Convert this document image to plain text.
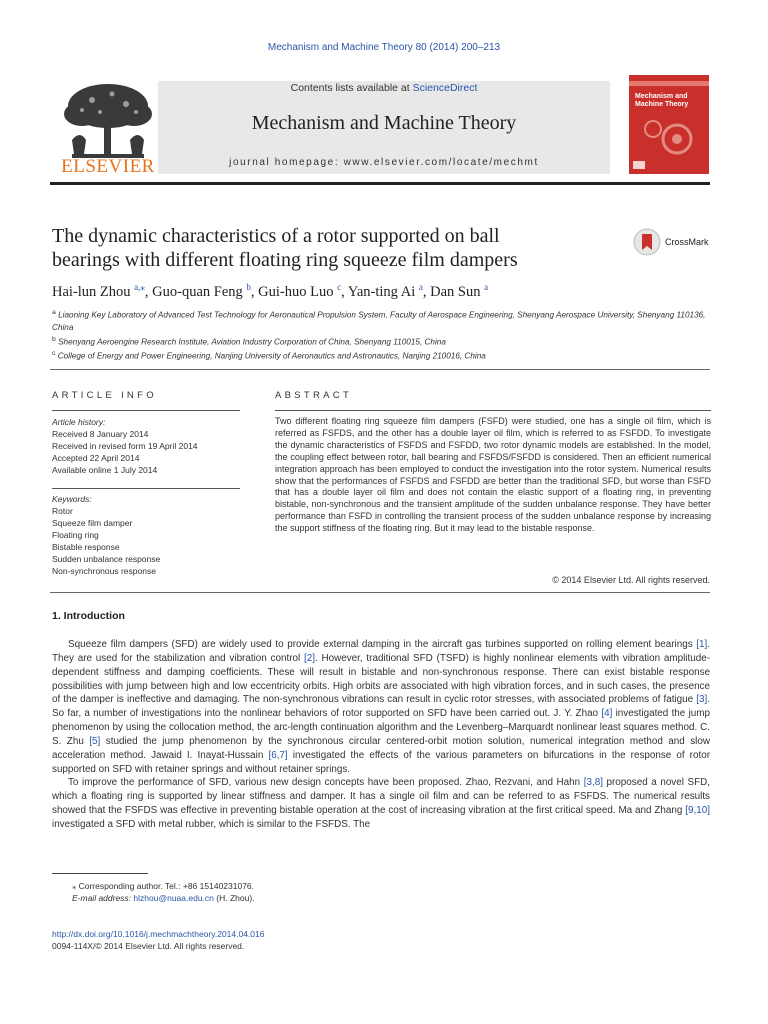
Mechanism and Machine Theory 80 (2014) 200–213
ELSEVIER
Contents lists available at ScienceDirect
Mechanism and Machine Theory
journal homepage: www.elsevier.com/locate/mechmt
Mechanism and Machine Theory
The dynamic characteristics of a rotor supported on ball
bearings with different floating ring squeeze film dampers
CrossMark
Hai-lun Zhou $^{a,⁎}$, Guo-quan Feng $^b$, Gui-huo Luo $^c$, Yan-ting Ai $^a$, Dan Sun $^a$
$^a$ Liaoning Key Laboratory of Advanced Test Technology for Aeronautical Propulsion System, Faculty of Aerospace Engineering, Shenyang Aerospace University, Shenyang 110136, China
$^b$ Shenyang Aeroengine Research Institute, Aviation Industry Corporation of China, Shenyang 110015, China
$^c$ College of Energy and Power Engineering, Nanjing University of Aeronautics and Astronautics, Nanjing 210016, China
ARTICLE INFO	ABSTRACT
Article history:
Received 8 January 2014
Received in revised form 19 April 2014
Accepted 22 April 2014
Available online 1 July 2014
Keywords:
Rotor
Squeeze film damper
Floating ring
Bistable response
Sudden unbalance response
Non-synchronous response
Two different floating ring squeeze film dampers (FSFD) were studied, one has a single oil film, which is referred as FSFDS, and the other has a double layer oil film, which is referred to as FSFDD. To investigate the dynamic characteristics of FSFDS and FSFDD, two rotor dynamic models are established. In the model, the coupling effect between rotor, ball bearing and FSFDS/FSFDD is considered. Then an efficient numerical integration approach has been employed to conduct the investigation into the rotor system. Numerical results show that the performances of FSFDS and FSFDD are better than the traditional SFD, but worse than FSFD that has a double layer oil film and does not contain the elastic support of a floating ring, in preventing bistable, non-synchronous and the transient amplitude of the sudden unbalance response. They have better performance than FSFD in controlling the transient process of the sudden unbalance response by increasing the support stiffness of the floating ring. But it may lead to the bistable response.
© 2014 Elsevier Ltd. All rights reserved.
1. Introduction

Squeeze film dampers (SFD) are widely used to provide external damping in the aircraft gas turbines supported on rolling element bearings [1]. They are used for the stabilization and vibration control [2]. However, traditional SFD (TSFD) is highly nonlinear elements with vibration amplitude-dependent stiffness and damping coefficients. These will result in bistable and non-synchronous response. There can exist bistable response possibilities with jump between high and low eccentricity orbits. High orbits are associated with high vibration forces, and in such cases, the presence of the damper is ineffective and damaging. The non-synchronous vibrations can result in cyclic rotor stresses, with associated problems of fatigue [3]. So far, a number of investigations into the nonlinear behaviors of rotor supported on SFD have been carried out. J. Y. Zhao [4] investigated the jump phenomenon by using the collocation method, the arc-length continuation algorithm and the Levenberg–Marquardt nonlinear least squares method. C. S. Zhu [5] studied the jump phenomenon by the synchronous circular centered-orbit motion solution, numerical integration method and slow acceleration method. Jawaid I. Inayat-Hussain [6,7] investigated the effects of the various parameters on bifurcations in the response of rotor supported on SFD with retainer springs and without retainer springs.

To improve the performance of SFD, various new design concepts have been proposed. Zhao, Rezvani, and Hahn [3,8] proposed a novel SFD, which a floating ring is supported by linear stiffness and damper. It has a single oil film and can be referred to as FSFDS. The numerical results showed that the FSFDS was effective in preventing bistable operation at the cost of increasing vibration at the first critical speed. Ma and Zhang [9,10] investigated a SFD with metal rubber, which is similar to the FSFDS. The

⁎ Corresponding author. Tel.: +86 15140231076.
E-mail address: hlzhou@nuaa.edu.cn (H. Zhou).
http://dx.doi.org/10.1016/j.mechmachtheory.2014.04.016
0094-114X/© 2014 Elsevier Ltd. All rights reserved.
